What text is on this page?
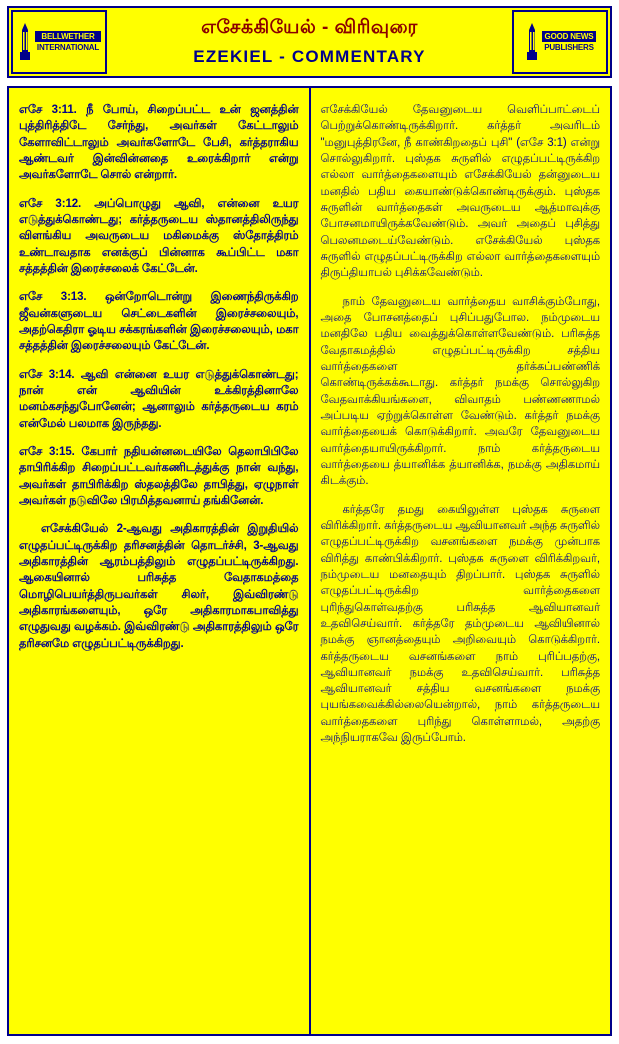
BELLWETHER
INTERNATIONAL
எசேக்கியேல் - விரிவுரை
EZEKIEL - COMMENTARY
GOOD NEWS
PUBLISHERS

எசே 3:11. நீ போய், சிறைப்பட்ட உன் ஜனத்தின் புத்திரித்திடே சேர்ந்து, அவர்கள் கேட்டாலும் கேளாவிட்டாலும் அவர்களோடே பேசி, கர்த்தராகிய ஆண்டவர் இன்வின்னதை உரைக்கிறார் என்று அவர்களோடே சொல் என்றார்.

எசே 3:12. அப்பொழுது ஆவி, என்னை உயர எடுத்துக்கொண்டது; கர்த்தருடைய ஸ்தானத்திலிருந்து விளங்கிய அவருடைய மகிமைக்கு ஸ்தோத்திரம் உண்டாவதாக எனக்குப் பின்னாக கூப்பிட்ட மகா சத்தத்தின் இரைச்சலைக் கேட்டேன்.

எசே 3:13. ஒன்றோடொன்று இணைந்திருக்கிற ஜீவன்களுடைய செட்டைகளின் இரைச்சலையும், அதற்கெதிரா ஓடிய சக்கரங்களின் இரைச்சலையும், மகா சத்தத்தின் இரைச்சலையும் கேட்டேன்.

எசே 3:14. ஆவி என்னை உயர எடுத்துக்கொண்டது; நான் என் ஆவியின் உக்கிரத்தினாலே மனம்கசந்துபோனேன்; ஆனாலும் கர்த்தருடைய கரம் என்மேல் பலமாக இருந்தது.

எசே 3:15. கேபார் நதியன்னடையிலே தெலாபிபிலே தாபிரிக்கிற சிறைப்பட்டவர்கணிடத்துக்கு நான் வந்து, அவர்கள் தாபிரிக்கிற ஸ்தலத்திலே தாபித்து, ஏழுநாள் அவர்கள் நடுவிலே பிரமித்தவனாய் தங்கினேன்.

எசேக்கியேல் 2-ஆவது அதிகாரத்தின் இறுதியில் எழுதப்பட்டிருக்கிற தரிசனத்தின் தொடர்ச்சி, 3-ஆவது அதிகாரத்தின் ஆரம்பத்திலும் எழுதப்பட்டிருக்கிறது. ஆகையினால் பரிசுத்த வேதாகமத்தை மொழிபெயர்த்திருபவர்கள் சிலர், இவ்விரண்டு அதிகாரங்களையும், ஒரே அதிகாரமாகபாவித்து எழுதுவது வழக்கம். இவ்விரண்டு அதிகாரத்திலும் ஒரே தரிசனமே எழுதப்பட்டிருக்கிறது.

எசேக்கியேல் தேவனுடைய வெளிப்பாட்டைப் பெற்றுக்கொண்டிருக்கிறார். கர்த்தர் அவரிடம் "மனுபுத்திரனே, நீ காண்கிறதைப் புசி" (எசே 3:1) என்று சொல்லுகிறார். புஸ்தக சுருளில் எழுதப்பட்டிருக்கிற எல்லா வார்த்தைகளையும் எசேக்கியேல் தன்னுடைய மனதில் பதிய கையாண்டுக்கொண்டிருக்கும். புஸ்தக சுருளின் வார்த்தைகள் அவருடைய ஆத்மாவுக்கு போசனமாயிருக்கவேண்டும். அவர் அதைப் புசித்து பெலனமடைய்வேண்டும். எசேக்கியேல் புஸ்தக சுருளில் எழுதப்பட்டிருக்கிற எல்லா வார்த்தைகளையும் திருப்தியாபல் புசிக்கவேண்டும்.

நாம் தேவனுடைய வார்த்தைய வாசிக்கும்போது, அதை போசனத்தைப் புசிப்பதுபோல. நம்முடைய மனதிலே பதிய வைத்துக்கொள்ளவேண்டும். பரிசுத்த வேதாகமத்தில் எழுதப்பட்டிருக்கிற சத்திய வார்த்தைகளை தர்க்கப்பண்ணிக் கொண்டிருக்கக்கூடாது. கர்த்தர் நமக்கு சொல்லுகிற வேதவாக்கியங்களை, விவாதம் பண்ணணாமல் அப்படிய ஏற்றுக்கொள்ள வேண்டும். கர்த்தர் நமக்கு வார்த்தையைக் கொடுக்கிறார். அவரே தேவனுடைய வார்த்தையாயிருக்கிறார். நாம் கர்த்தருடைய வார்த்தையை த்யானிக்க த்யானிக்க, நமக்கு அதிகமாய் கிடக்கும்.

கர்த்தரே தமது கையிலுள்ள புஸ்தக சுருளை விரிக்கிறார். கர்த்தருடைய ஆவியானவர் அந்த சுருளில் எழுதப்பட்டிருக்கிற வசனங்களை நமக்கு முன்பாக விரித்து காண்பிக்கிறார். புஸ்தக சுருளை விரிக்கிறவர், நம்முடைய மனதையும் திறப்பார். புஸ்தக சுருளில் எழுதப்பட்டிருக்கிற வார்த்தைகளை புரிந்துகொள்வதற்கு பரிசுத்த ஆவியானவர் உதவிசெய்வார். கர்த்தரே தம்முடைய ஆவியினால் நமக்கு ஞானத்தையும் அறிவையும் கொடுக்கிறார். கர்த்தருடைய வசனங்களை நாம் புரிப்பதற்கு, ஆவியானவர் நமக்கு உதவிசெய்வார். பரிசுத்த ஆவியானவர் சத்திய வசனங்களை நமக்கு புயங்கவைக்கில்லையென்றால், நாம் கர்த்தருடைய வார்த்தைகளை புரிந்து கொள்ளாமல், அதற்கு அந்நியராகவே இருப்போம்.
